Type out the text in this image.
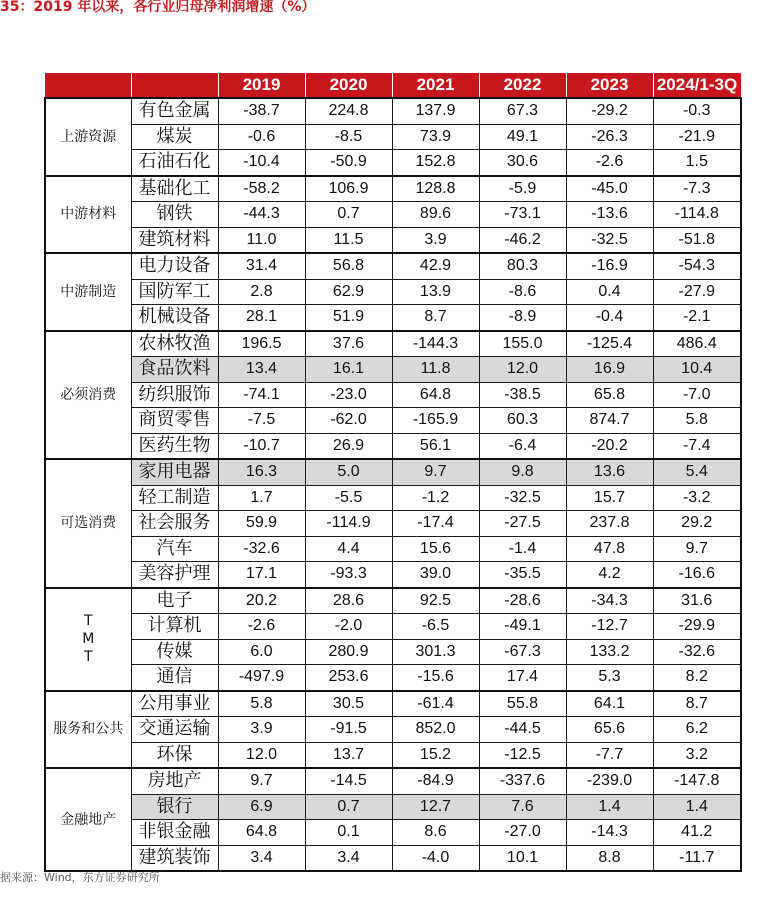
35：2019 年以来，各行业归母净利润增速（%）
		2019	2020	2021	2022	2023	2024/1-3Q
上游资源	有色金属	-38.7	224.8	137.9	67.3	-29.2	-0.3
	煤炭	-0.6	-8.5	73.9	49.1	-26.3	-21.9
	石油石化	-10.4	-50.9	152.8	30.6	-2.6	1.5
中游材料	基础化工	-58.2	106.9	128.8	-5.9	-45.0	-7.3
	钢铁	-44.3	0.7	89.6	-73.1	-13.6	-114.8
	建筑材料	11.0	11.5	3.9	-46.2	-32.5	-51.8
中游制造	电力设备	31.4	56.8	42.9	80.3	-16.9	-54.3
	国防军工	2.8	62.9	13.9	-8.6	0.4	-27.9
	机械设备	28.1	51.9	8.7	-8.9	-0.4	-2.1
必须消费	农林牧渔	196.5	37.6	-144.3	155.0	-125.4	486.4
	食品饮料	13.4	16.1	11.8	12.0	16.9	10.4
	纺织服饰	-74.1	-23.0	64.8	-38.5	65.8	-7.0
	商贸零售	-7.5	-62.0	-165.9	60.3	874.7	5.8
	医药生物	-10.7	26.9	56.1	-6.4	-20.2	-7.4
可选消费	家用电器	16.3	5.0	9.7	9.8	13.6	5.4
	轻工制造	1.7	-5.5	-1.2	-32.5	15.7	-3.2
	社会服务	59.9	-114.9	-17.4	-27.5	237.8	29.2
	汽车	-32.6	4.4	15.6	-1.4	47.8	9.7
	美容护理	17.1	-93.3	39.0	-35.5	4.2	-16.6
T
M
T	电子	20.2	28.6	92.5	-28.6	-34.3	31.6
	计算机	-2.6	-2.0	-6.5	-49.1	-12.7	-29.9
	传媒	6.0	280.9	301.3	-67.3	133.2	-32.6
	通信	-497.9	253.6	-15.6	17.4	5.3	8.2
服务和公共	公用事业	5.8	30.5	-61.4	55.8	64.1	8.7
	交通运输	3.9	-91.5	852.0	-44.5	65.6	6.2
	环保	12.0	13.7	15.2	-12.5	-7.7	3.2
金融地产	房地产	9.7	-14.5	-84.9	-337.6	-239.0	-147.8
	银行	6.9	0.7	12.7	7.6	1.4	1.4
	非银金融	64.8	0.1	8.6	-27.0	-14.3	41.2
	建筑装饰	3.4	3.4	-4.0	10.1	8.8	-11.7
据来源：Wind，东方证券研究所
